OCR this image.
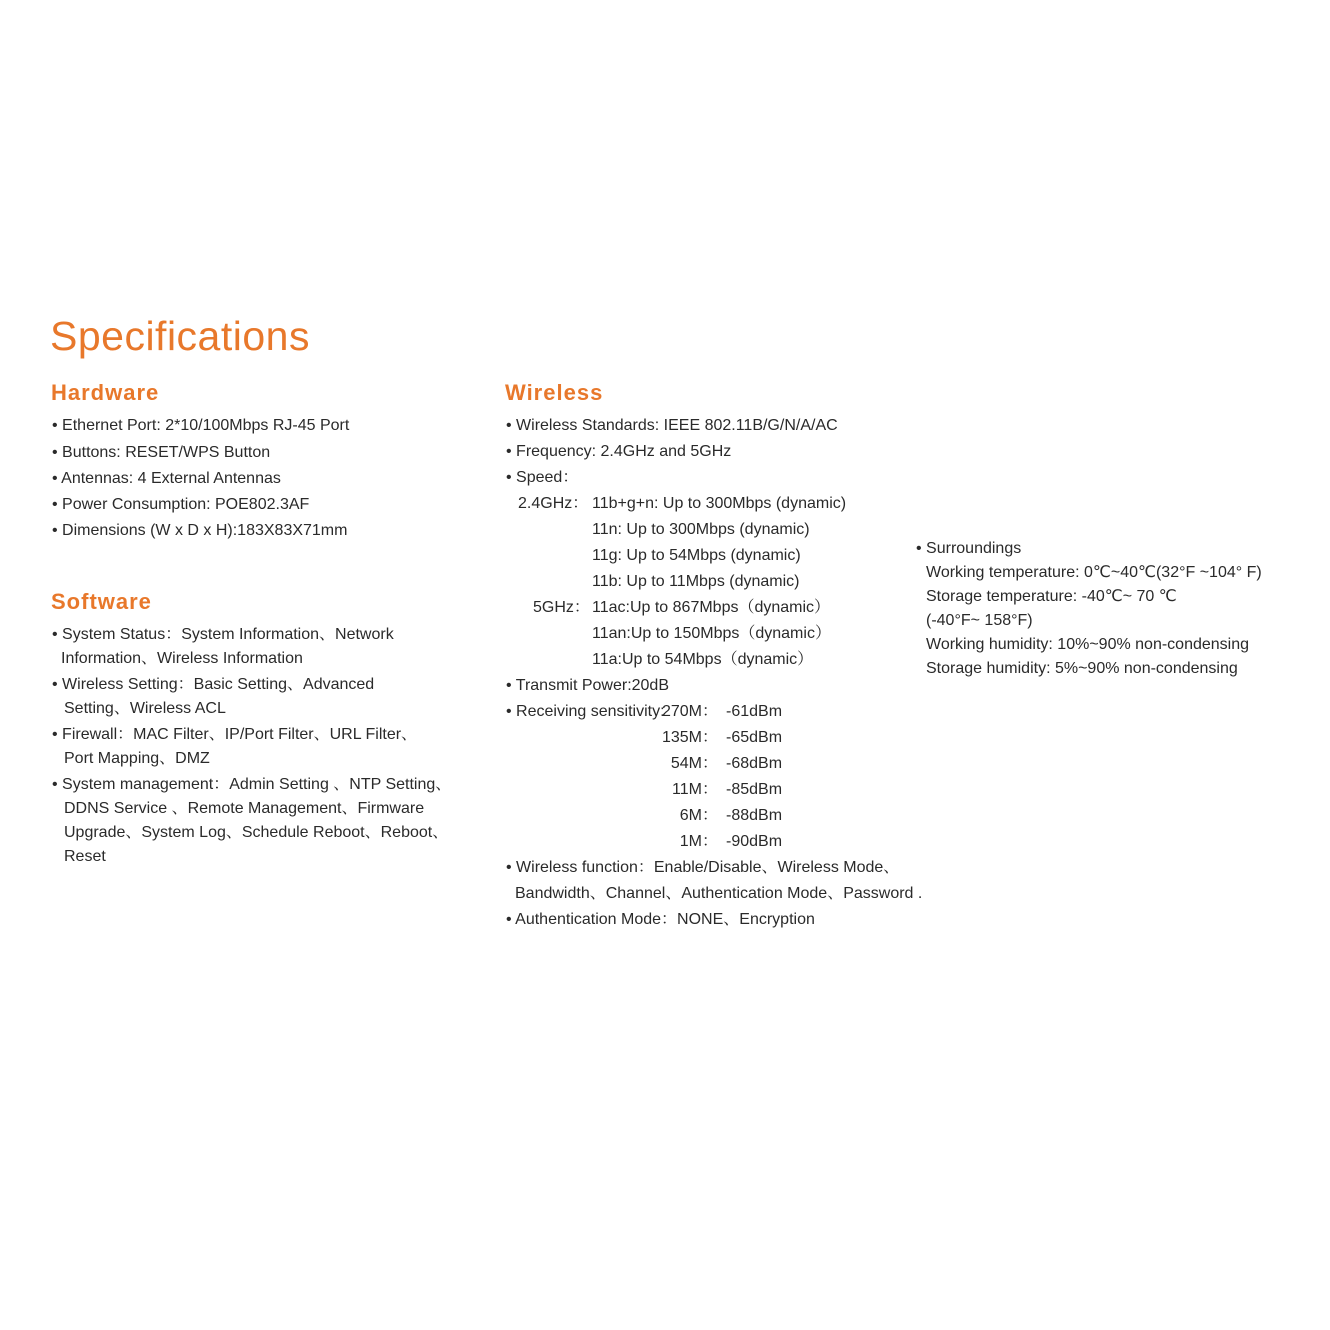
Specifications
Hardware
• Ethernet Port: 2*10/100Mbps RJ-45 Port
• Buttons: RESET/WPS Button
• Antennas: 4 External Antennas
• Power Consumption: POE802.3AF
• Dimensions (W x D x H):183X83X71mm
Software
• System Status：System Information、Network
Information、Wireless Information
• Wireless Setting：Basic Setting、Advanced
Setting、Wireless ACL
• Firewall：MAC Filter、IP/Port Filter、URL Filter、
Port Mapping、DMZ
• System management：Admin Setting 、NTP Setting、
DDNS Service 、Remote Management、Firmware
Upgrade、System Log、Schedule Reboot、Reboot、
Reset
Wireless
• Wireless Standards: IEEE 802.11B/G/N/A/AC
• Frequency: 2.4GHz and 5GHz
• Speed：
2.4GHz： 11b+g+n: Up to 300Mbps (dynamic)
11n: Up to 300Mbps (dynamic)
11g: Up to 54Mbps (dynamic)
11b: Up to 11Mbps (dynamic)
5GHz： 11ac:Up to 867Mbps（dynamic）
11an:Up to 150Mbps（dynamic）
11a:Up to 54Mbps（dynamic）
• Transmit Power:20dB
• Receiving sensitivity:
270M： -61dBm
135M： -65dBm
54M： -68dBm
11M： -85dBm
6M： -88dBm
1M： -90dBm
• Wireless function：Enable/Disable、Wireless Mode、
Bandwidth、Channel、Authentication Mode、Password .
• Authentication Mode：NONE、Encryption
• Surroundings
Working temperature: 0℃~40℃(32°F ~104° F)
Storage temperature: -40℃~ 70 ℃
(-40°F~ 158°F)
Working humidity: 10%~90% non-condensing
Storage humidity: 5%~90% non-condensing
